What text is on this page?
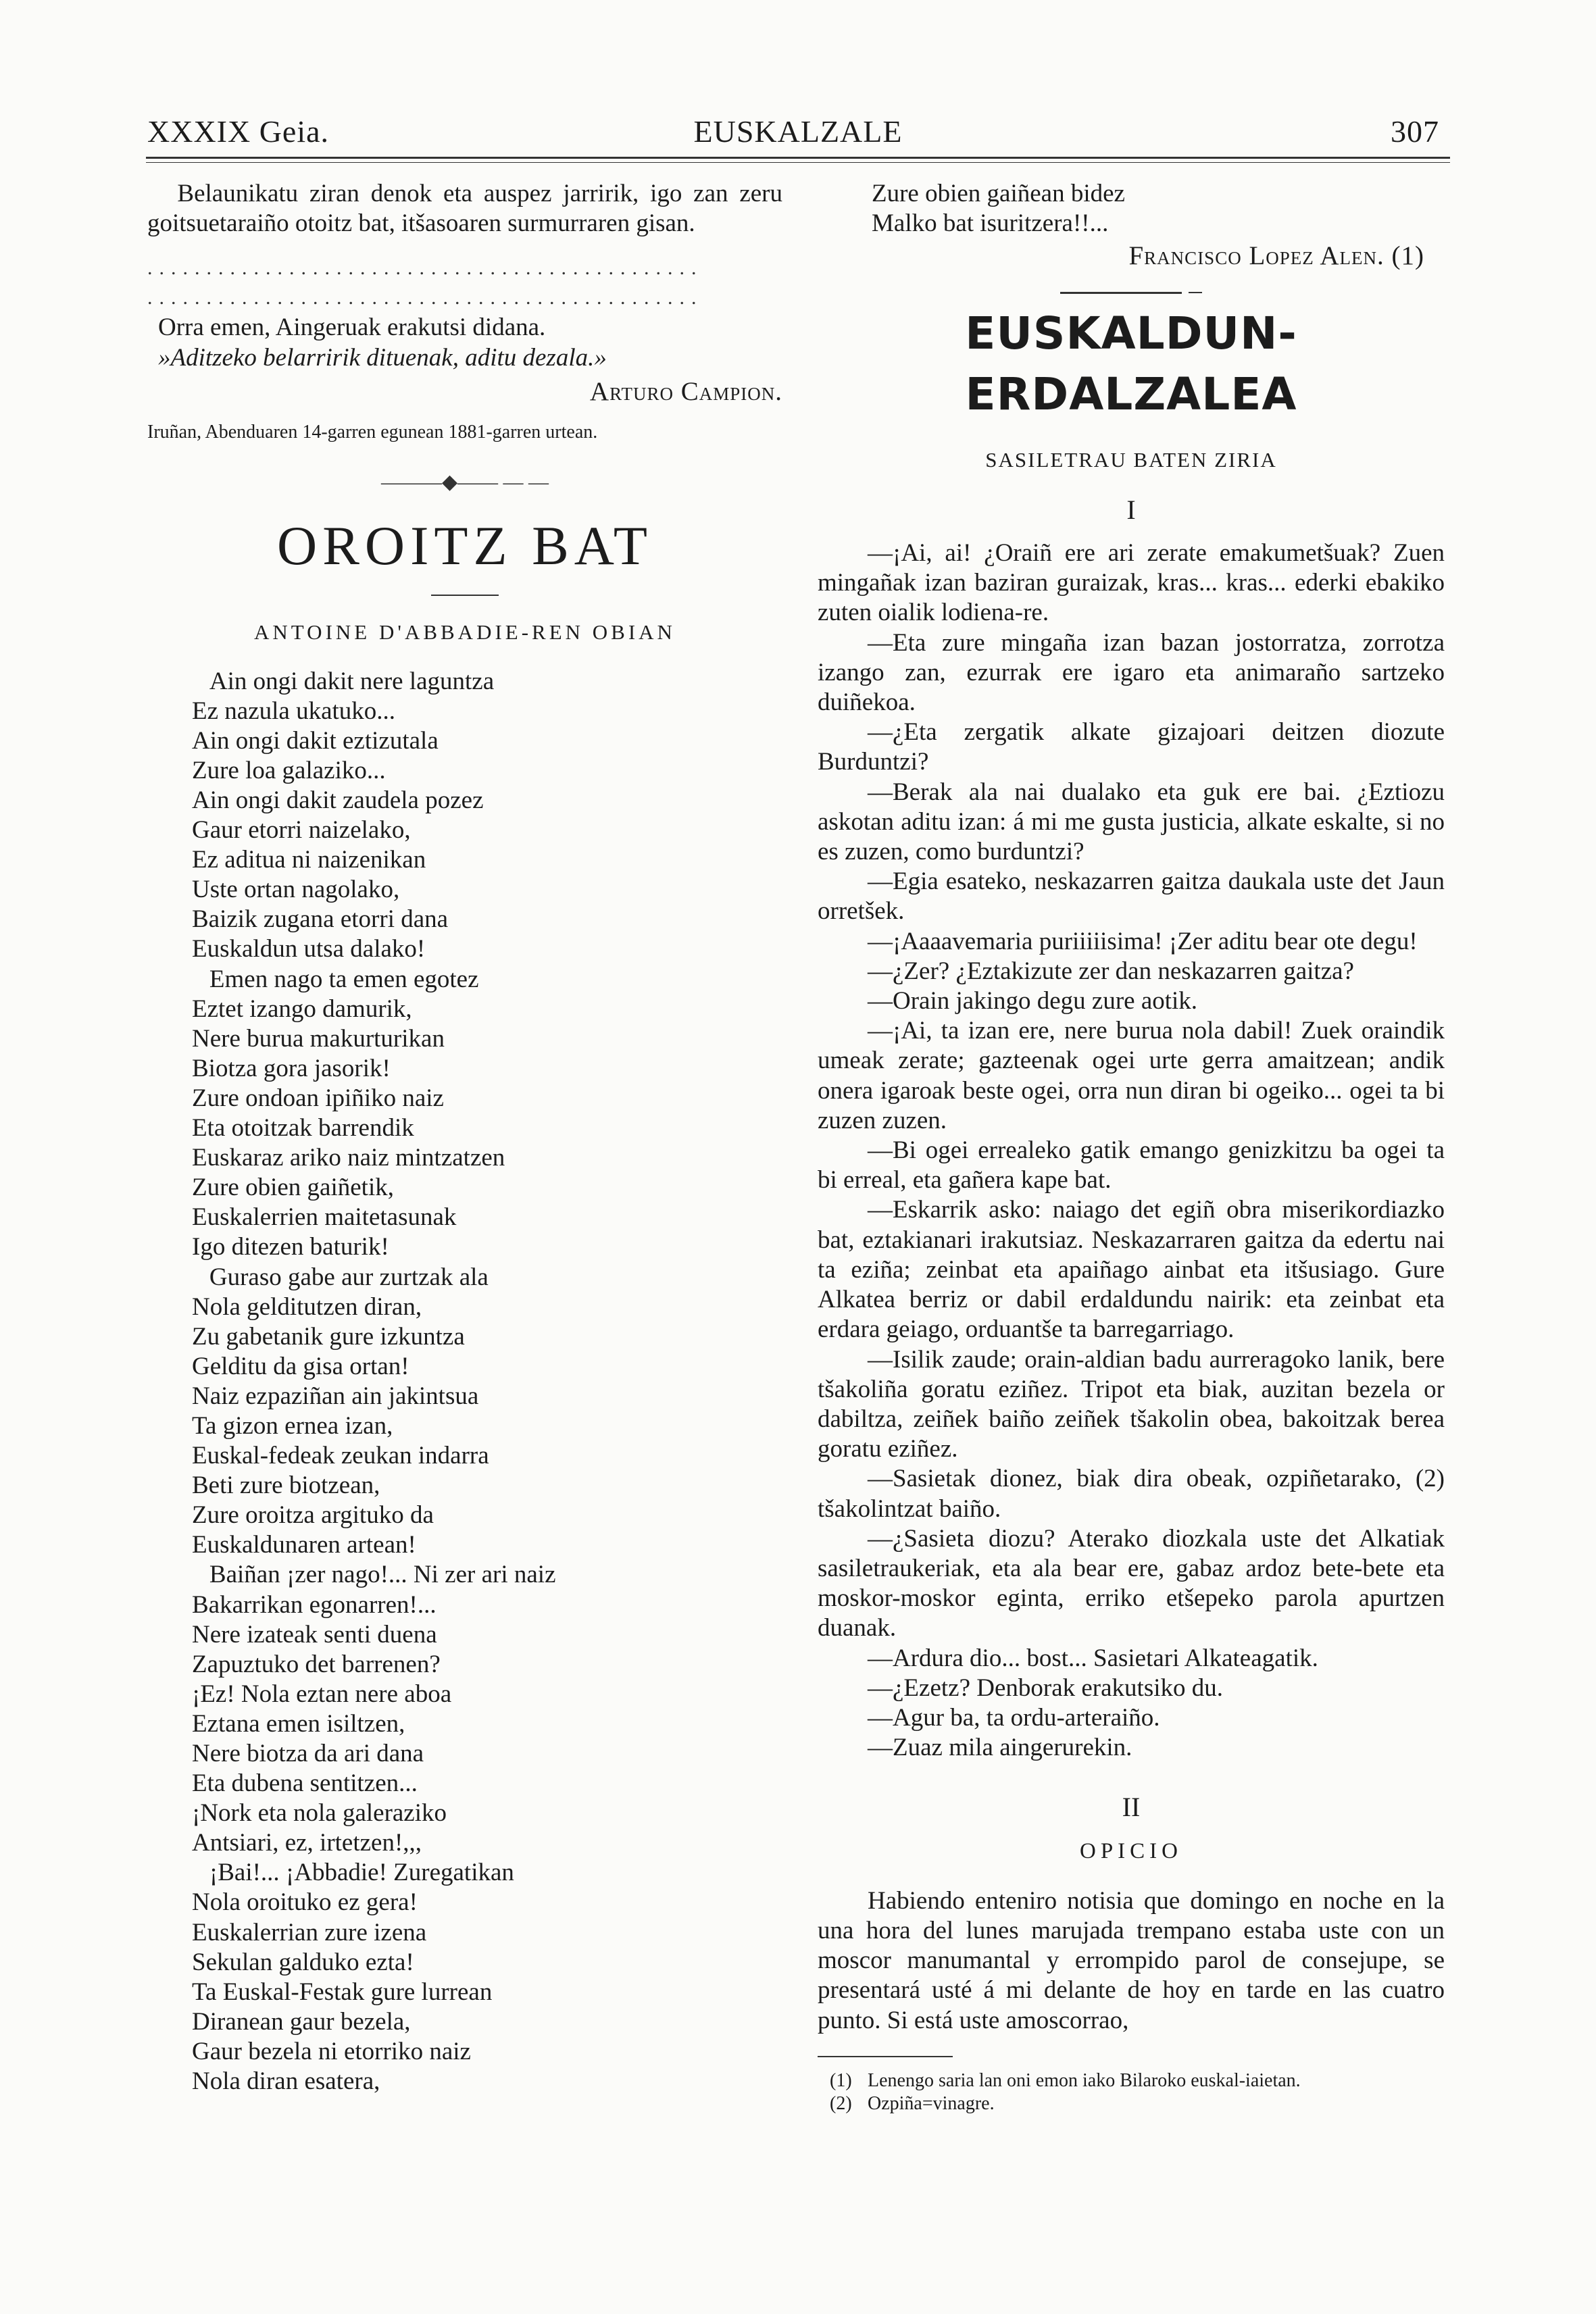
XXXIX Geia.	EUSKALZALE	307

Belaunikatu ziran denok eta auspez jarririk, igo zan zeru goitsuetaraiño otoitz bat, itšasoaren surmurraren gisan.

...............................................
...............................................

Orra emen, Aingeruak erakutsi didana.

»Aditzeko belarririk dituenak, aditu dezala.»

Arturo Campion.

Iruñan, Abenduaren 14-garren egunean 1881-garren urtean.

———◆—— — —
OROITZ BAT
ANTOINE D'ABBADIE-REN OBIAN
Ain ongi dakit nere laguntza
Ez nazula ukatuko...
Ain ongi dakit eztizutala
Zure loa galaziko...
Ain ongi dakit zaudela pozez
Gaur etorri naizelako,
Ez aditua ni naizenikan
Uste ortan nagolako,
Baizik zugana etorri dana
Euskaldun utsa dalako!
Emen nago ta emen egotez
Eztet izango damurik,
Nere burua makurturikan
Biotza gora jasorik!
Zure ondoan ipiñiko naiz
Eta otoitzak barrendik
Euskaraz ariko naiz mintzatzen
Zure obien gaiñetik,
Euskalerrien maitetasunak
Igo ditezen baturik!
Guraso gabe aur zurtzak ala
Nola gelditutzen diran,
Zu gabetanik gure izkuntza
Gelditu da gisa ortan!
Naiz ezpaziñan ain jakintsua
Ta gizon ernea izan,
Euskal-fedeak zeukan indarra
Beti zure biotzean,
Zure oroitza argituko da
Euskaldunaren artean!
Baiñan ¡zer nago!... Ni zer ari naiz
Bakarrikan egonarren!...
Nere izateak senti duena
Zapuztuko det barrenen?
¡Ez! Nola eztan nere aboa
Eztana emen isiltzen,
Nere biotza da ari dana
Eta dubena sentitzen...
¡Nork eta nola galeraziko
Antsiari, ez, irtetzen!,,,
¡Bai!... ¡Abbadie! Zuregatikan
Nola oroituko ez gera!
Euskalerrian zure izena
Sekulan galduko ezta!
Ta Euskal-Festak gure lurrean
Diranean gaur bezela,
Gaur bezela ni etorriko naiz
Nola diran esatera,

Zure obien gaiñean bidez

Malko bat isuritzera!!...

Francisco Lopez Alen. (1)

EUSKALDUN-ERDALZALEA
SASILETRAU BATEN ZIRIA
I

—¡Ai, ai! ¿Oraiñ ere ari zerate emakumetšuak? Zuen mingañak izan baziran guraizak, kras... kras... ederki ebakiko zuten oialik lodiena-re.

—Eta zure mingaña izan bazan jostorratza, zorrotza izango zan, ezurrak ere igaro eta animaraño sartzeko duiñekoa.

—¿Eta zergatik alkate gizajoari deitzen diozute Burduntzi?

—Berak ala nai dualako eta guk ere bai. ¿Eztiozu askotan aditu izan: á mi me gusta justicia, alkate eskalte, si no es zuzen, como burduntzi?

—Egia esateko, neskazarren gaitza daukala uste det Jaun orretšek.

—¡Aaaavemaria puriiiiisima! ¡Zer aditu bear ote degu!

—¿Zer? ¿Eztakizute zer dan neskazarren gaitza?

—Orain jakingo degu zure aotik.

—¡Ai, ta izan ere, nere burua nola dabil! Zuek oraindik umeak zerate; gazteenak ogei urte gerra amaitzean; andik onera igaroak beste ogei, orra nun diran bi ogeiko... ogei ta bi zuzen zuzen.

—Bi ogei errealeko gatik emango genizkitzu ba ogei ta bi erreal, eta gañera kape bat.

—Eskarrik asko: naiago det egiñ obra miserikordiazko bat, eztakianari irakutsiaz. Neskazarraren gaitza da edertu nai ta eziña; zeinbat eta apaiñago ainbat eta itšusiago. Gure Alkatea berriz or dabil erdaldundu nairik: eta zeinbat eta erdara geiago, orduantše ta barregarriago.

—Isilik zaude; orain-aldian badu aurreragoko lanik, bere tšakoliña goratu eziñez. Tripot eta biak, auzitan bezela or dabiltza, zeiñek baiño zeiñek tšakolin obea, bakoitzak berea goratu eziñez.

—Sasietak dionez, biak dira obeak, ozpiñetarako, (2) tšakolintzat baiño.

—¿Sasieta diozu? Aterako diozkala uste det Alkatiak sasiletraukeriak, eta ala bear ere, gabaz ardoz bete-bete eta moskor-moskor eginta, erriko etšepeko parola apurtzen duanak.

—Ardura dio... bost... Sasietari Alkateagatik.

—¿Ezetz? Denborak erakutsiko du.

—Agur ba, ta ordu-arteraiño.

—Zuaz mila aingerurekin.

II
OPICIO

Habiendo enteniro notisia que domingo en noche en la una hora del lunes marujada trempano estaba uste con un moscor manumantal y errompido parol de consejupe, se presentará usté á mi delante de hoy en tarde en las cuatro punto. Si está uste amoscorrao,

(1) Lenengo saria lan oni emon iako Bilaroko euskal-iaietan.
(2) Ozpiña=vinagre.
